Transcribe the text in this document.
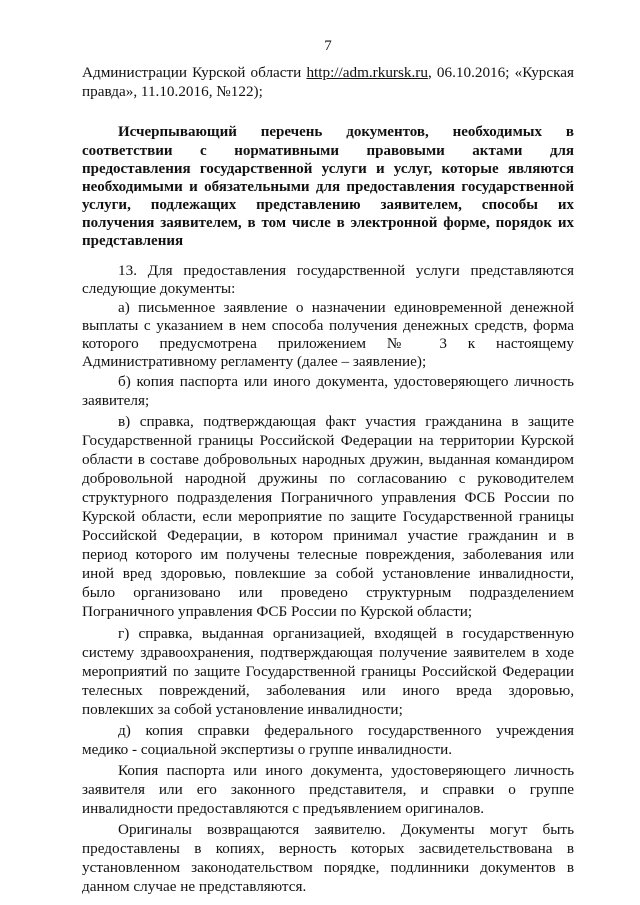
7
Администрации Курской области http://adm.rkursk.ru, 06.10.2016; «Курская
правда», 11.10.2016, №122);
Исчерпывающий перечень документов, необходимых в
соответствии с нормативными правовыми актами для
предоставления государственной услуги и услуг, которые являются
необходимыми и обязательными для предоставления государственной
услуги, подлежащих представлению заявителем, способы их
получения заявителем, в том числе в электронной форме, порядок их
представления
13. Для предоставления государственной услуги представляются
следующие документы:
а) письменное заявление о назначении единовременной денежной
выплаты с указанием в нем способа получения денежных средств, форма
которого предусмотрена приложением № 3 к настоящему
Административному регламенту (далее – заявление);
б) копия паспорта или иного документа, удостоверяющего личность
заявителя;
в) справка, подтверждающая факт участия гражданина в защите
Государственной границы Российской Федерации на территории Курской
области в составе добровольных народных дружин, выданная командиром
добровольной народной дружины по согласованию с руководителем
структурного подразделения Пограничного управления ФСБ России по
Курской области, если мероприятие по защите Государственной границы
Российской Федерации, в котором принимал участие гражданин и в
период которого им получены телесные повреждения, заболевания или
иной вред здоровью, повлекшие за собой установление инвалидности,
было организовано или проведено структурным подразделением
Пограничного управления ФСБ России по Курской области;
г) справка, выданная организацией, входящей в государственную
систему здравоохранения, подтверждающая получение заявителем в ходе
мероприятий по защите Государственной границы Российской Федерации
телесных повреждений, заболевания или иного вреда здоровью,
повлекших за собой установление инвалидности;
д) копия справки федерального государственного учреждения
медико - социальной экспертизы о группе инвалидности.
Копия паспорта или иного документа, удостоверяющего личность
заявителя или его законного представителя, и справки о группе
инвалидности предоставляются с предъявлением оригиналов.
Оригиналы возвращаются заявителю. Документы могут быть
предоставлены в копиях, верность которых засвидетельствована в
установленном законодательством порядке, подлинники документов в
данном случае не представляются.
